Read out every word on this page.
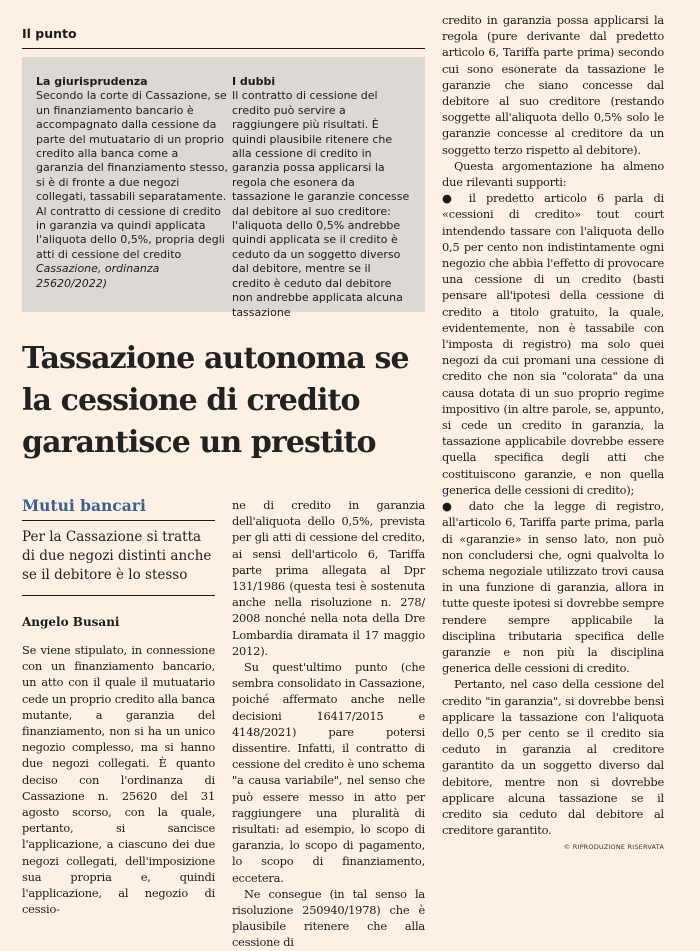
Il punto
La giurisprudenza
Secondo la corte di Cassazione, se un finanziamento bancario è accompagnato dalla cessione da parte del mutuatario di un proprio credito alla banca come a garanzia del finanziamento stesso, si è di fronte a due negozi collegati, tassabili separatamente. Al contratto di cessione di credito in garanzia va quindi applicata l'aliquota dello 0,5%, propria degli atti di cessione del credito Cassazione, ordinanza 25620/2022)
I dubbi
Il contratto di cessione del credito può servire a raggiungere più risultati. È quindi plausibile ritenere che alla cessione di credito in garanzia possa applicarsi la regola che esonera da tassazione le garanzie concesse dal debitore al suo creditore: l'aliquota dello 0,5% andrebbe quindi applicata se il credito è ceduto da un soggetto diverso dal debitore, mentre se il credito è ceduto dal debitore non andrebbe applicata alcuna tassazione
Tassazione autonoma se la cessione di credito garantisce un prestito
Mutui bancari
Per la Cassazione si tratta di due negozi distinti anche se il debitore è lo stesso
Angelo Busani

Se viene stipulato, in connessione con un finanziamento bancario, un atto con il quale il mutuatario cede un proprio credito alla banca mutante, a garanzia del finanziamento, non si ha un unico negozio complesso, ma si hanno due negozi collegati. È quanto deciso con l'ordinanza di Cassazione n. 25620 del 31 agosto scorso, con la quale, pertanto, si sancisce l'applicazione, a ciascuno dei due negozi collegati, dell'imposizione sua propria e, quindi l'applicazione, al negozio di cessio-

ne di credito in garanzia dell'aliquota dello 0,5%, prevista per gli atti di cessione del credito, ai sensi dell'articolo 6, Tariffa parte prima allegata al Dpr 131/1986 (questa tesi è sostenuta anche nella risoluzione n. 278/ 2008 nonché nella nota della Dre Lombardia diramata il 17 maggio 2012).

Su quest'ultimo punto (che sembra consolidato in Cassazione, poiché affermato anche nelle decisioni 16417/2015 e 4148/2021) pare potersi dissentire. Infatti, il contratto di cessione del credito è uno schema "a causa variabile", nel senso che può essere messo in atto per raggiungere una pluralità di risultati: ad esempio, lo scopo di garanzia, lo scopo di pagamento, lo scopo di finanziamento, eccetera.

Ne consegue (in tal senso la risoluzione 250940/1978) che è plausibile ritenere che alla cessione di

credito in garanzia possa applicarsi la regola (pure derivante dal predetto articolo 6, Tariffa parte prima) secondo cui sono esonerate da tassazione le garanzie che siano concesse dal debitore al suo creditore (restando soggette all'aliquota dello 0,5% solo le garanzie concesse al creditore da un soggetto terzo rispetto al debitore).

Questa argomentazione ha almeno due rilevanti supporti:

● il predetto articolo 6 parla di «cessioni di credito» tout court intendendo tassare con l'aliquota dello 0,5 per cento non indistintamente ogni negozio che abbia l'effetto di provocare una cessione di un credito (basti pensare all'ipotesi della cessione di credito a titolo gratuito, la quale, evidentemente, non è tassabile con l'imposta di registro) ma solo quei negozi da cui promani una cessione di credito che non sia "colorata" da una causa dotata di un suo proprio regime impositivo (in altre parole, se, appunto, si cede un credito in garanzia, la tassazione applicabile dovrebbe essere quella specifica degli atti che costituiscono garanzie, e non quella generica delle cessioni di credito);

● dato che la legge di registro, all'articolo 6, Tariffa parte prima, parla di «garanzie» in senso lato, non può non concludersi che, ogni qualvolta lo schema negoziale utilizzato trovi causa in una funzione di garanzia, allora in tutte queste ipotesi si dovrebbe sempre rendere sempre applicabile la disciplina tributaria specifica delle garanzie e non più la disciplina generica delle cessioni di credito.

Pertanto, nel caso della cessione del credito "in garanzia", si dovrebbe bensì applicare la tassazione con l'aliquota dello 0,5 per cento se il credito sia ceduto in garanzia al creditore garantito da un soggetto diverso dal debitore, mentre non si dovrebbe applicare alcuna tassazione se il credito sia ceduto dal debitore al creditore garantito.

© RIPRODUZIONE RISERVATA
